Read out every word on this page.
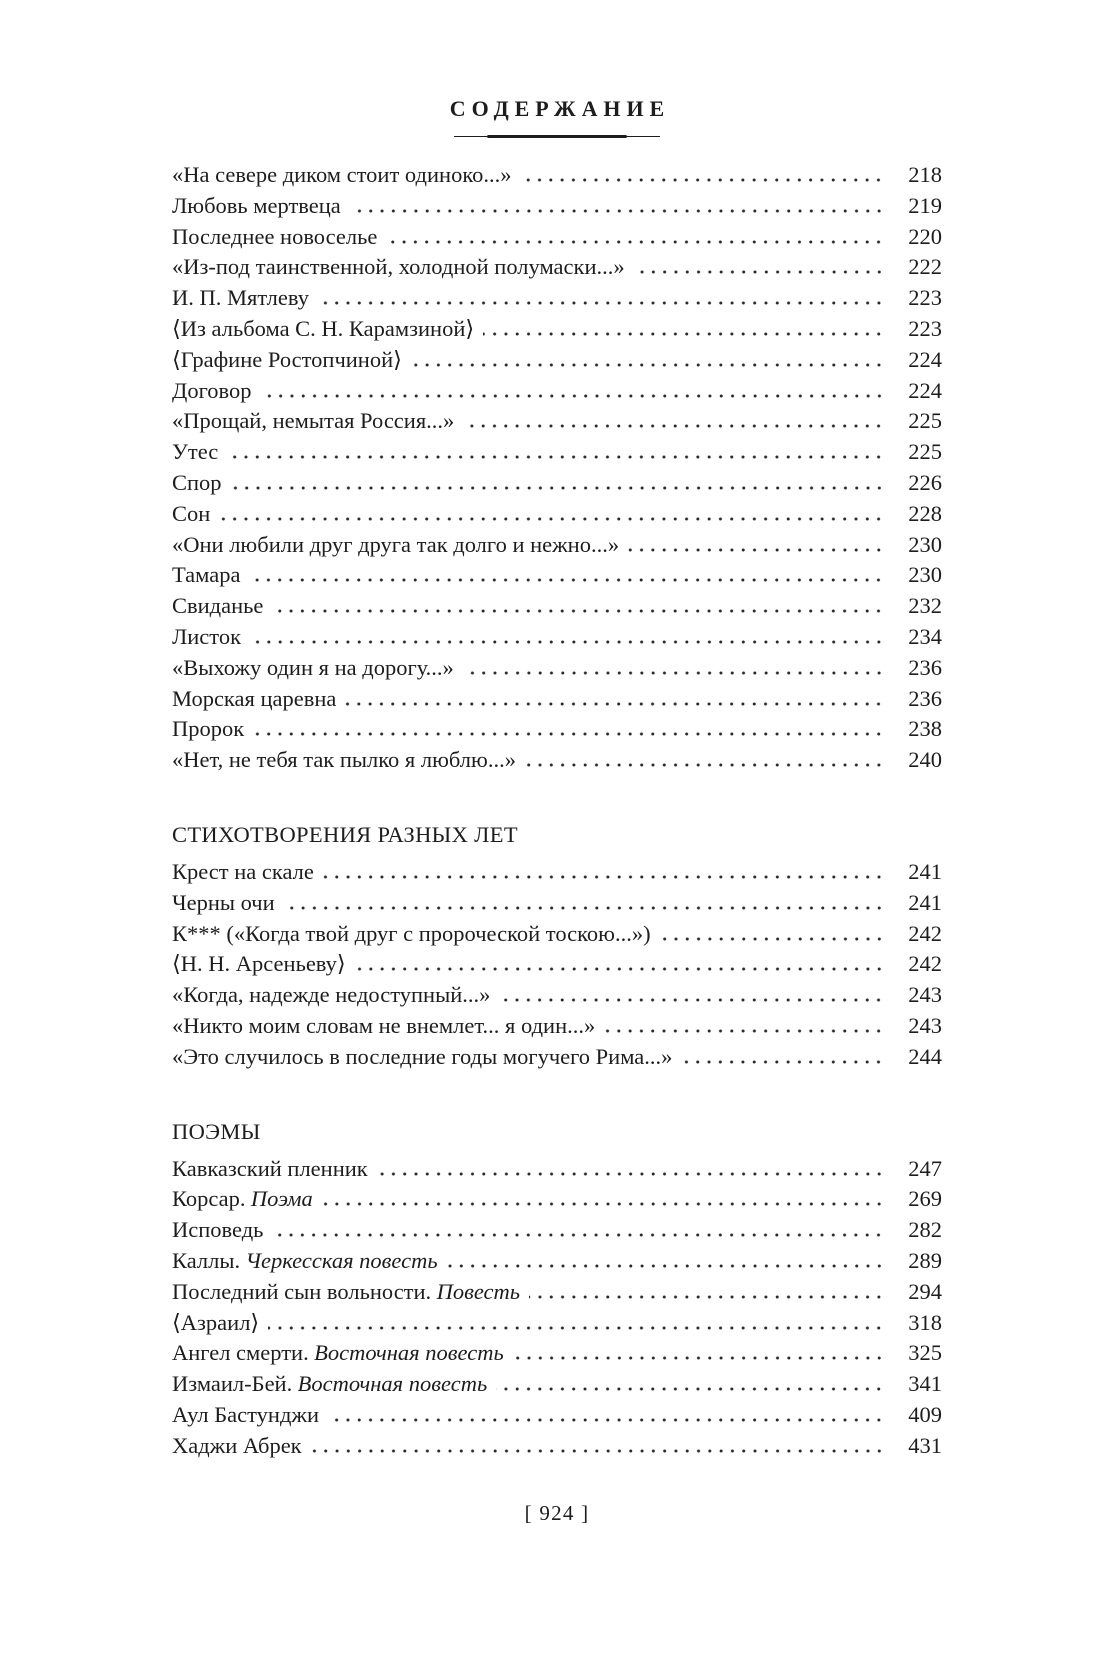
СОДЕРЖАНИЕ
«На севере диком стоит одиноко...»	218
Любовь мертвеца	219
Последнее новоселье	220
«Из-под таинственной, холодной полумаски...»	222
И. П. Мятлеву	223
⟨Из альбома С. Н. Карамзиной⟩	223
⟨Графине Ростопчиной⟩	224
Договор	224
«Прощай, немытая Россия...»	225
Утес	225
Спор	226
Сон	228
«Они любили друг друга так долго и нежно...»	230
Тамара	230
Свиданье	232
Листок	234
«Выхожу один я на дорогу...»	236
Морская царевна	236
Пророк	238
«Нет, не тебя так пылко я люблю...»	240
СТИХОТВОРЕНИЯ РАЗНЫХ ЛЕТ
Крест на скале	241
Черны очи	241
К*** («Когда твой друг с пророческой тоскою...»)	242
⟨Н. Н. Арсеньеву⟩	242
«Когда, надежде недоступный...»	243
«Никто моим словам не внемлет... я один...»	243
«Это случилось в последние годы могучего Рима...»	244
ПОЭМЫ
Кавказский пленник	247
Корсар. Поэма	269
Исповедь	282
Каллы. Черкесская повесть	289
Последний сын вольности. Повесть	294
⟨Азраил⟩	318
Ангел смерти. Восточная повесть	325
Измаил-Бей. Восточная повесть	341
Аул Бастунджи	409
Хаджи Абрек	431
[ 924 ]
